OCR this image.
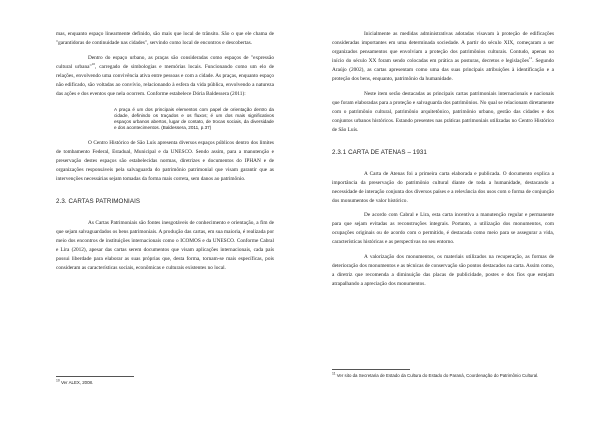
mas, enquanto espaço linearmente definido, são mais que local de trânsito. São o que ele chama de "garantidoras de continuidade nas cidades", servindo como local de encontros e descobertas.

Dentro do espaço urbano, as praças são consideradas como espaços de "expressão cultural urbana"$^{10}$, carregado de simbologias e memórias locais. Funcionando como um elo de relações, envolvendo uma convivência ativa entre pessoas e com a cidade. As praças, enquanto espaço não edificado, são voltadas ao convívio, relacionando à esfera da vida pública, envolvendo a natureza das ações e dos eventos que nela ocorrem. Conforme estabelece Dória Baldessera (2011):

A praça é um dos principais elementos com papel de orientação dentro da cidade, definindo os traçados e os fluxos; é um dos mais significativos espaços urbanos abertos, lugar de contato, de trocas sociais, da diversidade e dos acontecimentos. (Baldessera, 2011, p.37)

O Centro Histórico de São Luís apresenta diversos espaços públicos dentro dos limites de tombamento Federal, Estadual, Municipal e da UNESCO. Sendo assim, para a manutenção e preservação destes espaços são estabelecidas normas, diretrizes e documentos do IPHAN e de organizações responsáveis pela salvaguarda do patrimônio patrimonial que visam garantir que as intervenções necessárias sejam tomadas da forma mais correta, sem danos ao patrimônio.

2.3. CARTAS PATRIMONIAIS

As Cartas Patrimoniais são fontes inesgotáveis de conhecimento e orientação, a fim de que sejam salvaguardados os bens patrimoniais. A produção das cartas, em sua maioria, é realizada por meio dos encontros de instituições internacionais como o ICOMOS e da UNESCO. Conforme Cabral e Lira (2012), apesar das cartas serem documentos que visam aplicações internacionais, cada país possui liberdade para elaborar as suas próprias que, desta forma, tornam-se mais específicas, pois consideram as características sociais, econômicas e culturais existentes no local.

$^{10}$ Ver ALEX, 2008.

Inicialmente as medidas administrativas adotadas visavam à proteção de edificações consideradas importantes em uma determinada sociedade. A partir do século XIX, começaram a ser organizados pensamentos que envolviam a proteção dos patrimônios culturais. Contudo, apenas no início do século XX foram sendo colocadas em prática as posturas, decretos e legislações$^{11}$. Segundo Araújo (2002), as cartas apresentam como uma das suas principais atribuições à identificação e a proteção dos bens, enquanto, patrimônio da humanidade.

Neste item serão destacadas as principais cartas patrimoniais internacionais e nacionais que foram elaboradas para a proteção e salvaguarda dos patrimônios. No qual se relacionam diretamente com o patrimônio cultural, patrimônio arquitetônico, patrimônio urbano, gestão das cidades e dos conjuntos urbanos históricos. Estando presentes nas práticas patrimoniais utilizadas no Centro Histórico de São Luís.

2.3.1 CARTA DE ATENAS – 1931

A Carta de Atenas foi a primeira carta elaborada e publicada. O documento explica a importância da preservação do patrimônio cultural diante de toda a humanidade, destacando a necessidade de interação conjunta dos diversos países e a relevância dos usos com o forma de conjunção dos monumentos de valor histórico.

De acordo com Cabral e Lira, esta carta incentiva a manutenção regular e permanente para que sejam evitadas as reconstruções integrais. Portanto, a utilização dos monumentos, com ocupações originais ou de acordo com o permitido, é destacada como meio para se assegurar a vida, características históricas e as perspectivas no seu entorno.

A valorização dos monumentos, os materiais utilizados na recuperação, as formas de deterioração dos monumentos e as técnicas de conservação são pontos destacados na carta. Assim como, a diretriz que recomenda a diminuição das placas de publicidade, postes e dos fios que estejam atrapalhando a apreciação dos monumentos.

$^{11}$ Ver sito da Secretaria de Estado da Cultura do Estado do Paraná, Coordenação do Patrimônio Cultural.
